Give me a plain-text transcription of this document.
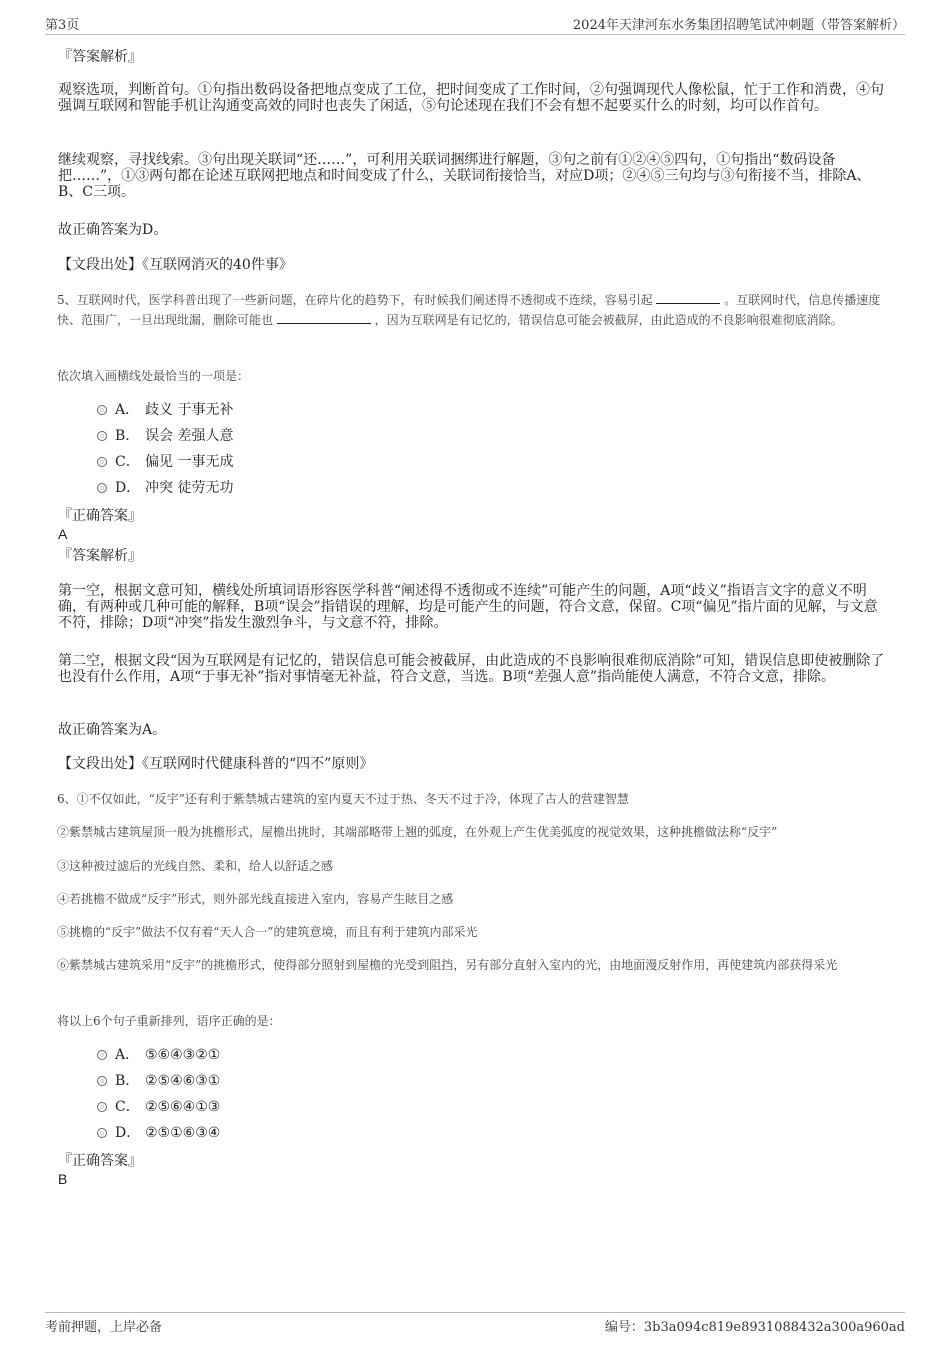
第3页	2024年天津河东水务集团招聘笔试冲刺题（带答案解析）
『答案解析』

观察选项，判断首句。①句指出数码设备把地点变成了工位，把时间变成了工作时间，②句强调现代人像松鼠，忙于工作和消费，④句强调互联网和智能手机让沟通变高效的同时也丧失了闲适，⑤句论述现在我们不会有想不起要买什么的时刻，均可以作首句。

继续观察，寻找线索。③句出现关联词“还……”，可利用关联词捆绑进行解题，③句之前有①②④⑤四句，①句指出“数码设备把……”，①③两句都在论述互联网把地点和时间变成了什么，关联词衔接恰当，对应D项；②④⑤三句均与③句衔接不当，排除A、B、C三项。

故正确答案为D。
【文段出处】《互联网消灭的40件事》

5、互联网时代，医学科普出现了一些新问题，在碎片化的趋势下，有时候我们阐述得不透彻或不连续，容易引起	。互联网时代，信息传播速度快、范围广，一旦出现纰漏，删除可能也	，因为互联网是有记忆的，错误信息可能会被截屏，由此造成的不良影响很难彻底消除。

依次填入画横线处最恰当的一项是：
A． 歧义 于事无补
B． 误会 差强人意
C． 偏见 一事无成
D． 冲突 徒劳无功
『正确答案』
A
『答案解析』

第一空，根据文意可知，横线处所填词语形容医学科普“阐述得不透彻或不连续”可能产生的问题，A项“歧义”指语言文字的意义不明确，有两种或几种可能的解释，B项“误会”指错误的理解，均是可能产生的问题，符合文意，保留。C项“偏见”指片面的见解，与文意不符，排除；D项“冲突”指发生激烈争斗，与文意不符，排除。

第二空，根据文段“因为互联网是有记忆的，错误信息可能会被截屏，由此造成的不良影响很难彻底消除”可知，错误信息即使被删除了也没有什么作用，A项“于事无补”指对事情毫无补益，符合文意，当选。B项“差强人意”指尚能使人满意，不符合文意，排除。

故正确答案为A。
【文段出处】《互联网时代健康科普的“四不”原则》
6、①不仅如此，“反宇”还有利于紫禁城古建筑的室内夏天不过于热、冬天不过于冷，体现了古人的营建智慧
②紫禁城古建筑屋顶一般为挑檐形式，屋檐出挑时，其端部略带上翘的弧度，在外观上产生优美弧度的视觉效果，这种挑檐做法称“反宇”
③这种被过滤后的光线自然、柔和，给人以舒适之感
④若挑檐不做成“反宇”形式，则外部光线直接进入室内，容易产生眩目之感
⑤挑檐的“反宇”做法不仅有着“天人合一”的建筑意境，而且有利于建筑内部采光

⑥紫禁城古建筑采用“反宇”的挑檐形式，使得部分照射到屋檐的光受到阻挡，另有部分直射入室内的光，由地面漫反射作用，再使建筑内部获得采光

将以上6个句子重新排列，语序正确的是：
A． ⑤⑥④③②①
B． ②⑤④⑥③①
C． ②⑤⑥④①③
D． ②⑤①⑥③④
『正确答案』
B
考前押题，上岸必备	编号：3b3a094c819e8931088432a300a960ad
